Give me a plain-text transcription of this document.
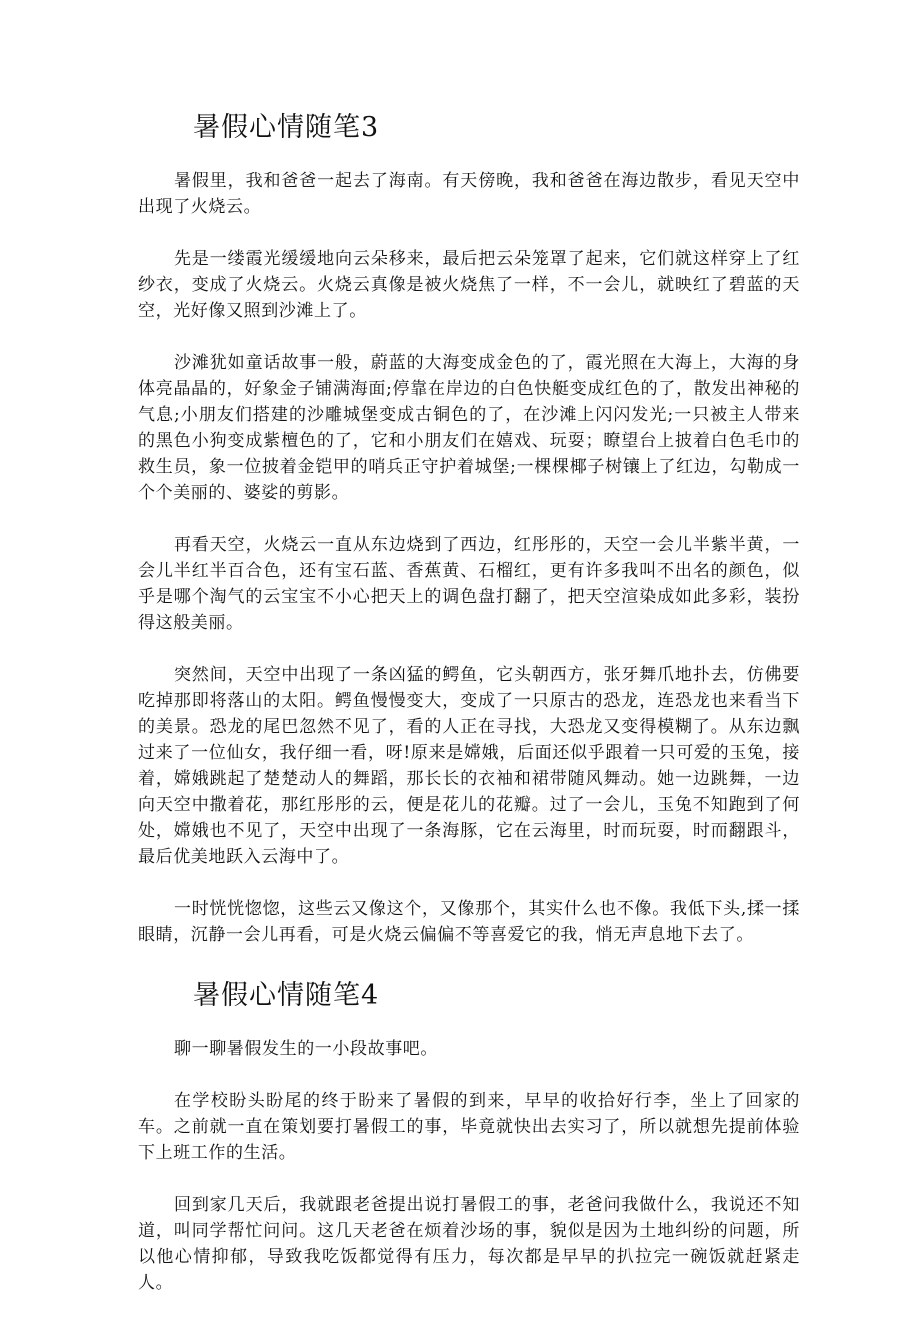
暑假心情随笔3

暑假里，我和爸爸一起去了海南。有天傍晚，我和爸爸在海边散步，看见天空中出现了火烧云。

先是一缕霞光缓缓地向云朵移来，最后把云朵笼罩了起来，它们就这样穿上了红纱衣，变成了火烧云。火烧云真像是被火烧焦了一样，不一会儿，就映红了碧蓝的天空，光好像又照到沙滩上了。

沙滩犹如童话故事一般，蔚蓝的大海变成金色的了，霞光照在大海上，大海的身体亮晶晶的，好象金子铺满海面;停靠在岸边的白色快艇变成红色的了，散发出神秘的气息;小朋友们搭建的沙雕城堡变成古铜色的了，在沙滩上闪闪发光;一只被主人带来的黑色小狗变成紫檀色的了，它和小朋友们在嬉戏、玩耍；瞭望台上披着白色毛巾的救生员，象一位披着金铠甲的哨兵正守护着城堡;一棵棵椰子树镶上了红边，勾勒成一个个美丽的、婆娑的剪影。

再看天空，火烧云一直从东边烧到了西边，红彤彤的，天空一会儿半紫半黄，一会儿半红半百合色，还有宝石蓝、香蕉黄、石榴红，更有许多我叫不出名的颜色，似乎是哪个淘气的云宝宝不小心把天上的调色盘打翻了，把天空渲染成如此多彩，装扮得这般美丽。

突然间，天空中出现了一条凶猛的鳄鱼，它头朝西方，张牙舞爪地扑去，仿佛要吃掉那即将落山的太阳。鳄鱼慢慢变大，变成了一只原古的恐龙，连恐龙也来看当下的美景。恐龙的尾巴忽然不见了，看的人正在寻找，大恐龙又变得模糊了。从东边飘过来了一位仙女，我仔细一看，呀!原来是嫦娥，后面还似乎跟着一只可爱的玉兔，接着，嫦娥跳起了楚楚动人的舞蹈，那长长的衣袖和裙带随风舞动。她一边跳舞，一边向天空中撒着花，那红彤彤的云，便是花儿的花瓣。过了一会儿，玉兔不知跑到了何处，嫦娥也不见了，天空中出现了一条海豚，它在云海里，时而玩耍，时而翻跟斗，最后优美地跃入云海中了。

一时恍恍惚惚，这些云又像这个，又像那个，其实什么也不像。我低下头,揉一揉眼睛，沉静一会儿再看，可是火烧云偏偏不等喜爱它的我，悄无声息地下去了。

暑假心情随笔4

聊一聊暑假发生的一小段故事吧。

在学校盼头盼尾的终于盼来了暑假的到来，早早的收拾好行李，坐上了回家的车。之前就一直在策划要打暑假工的事，毕竟就快出去实习了，所以就想先提前体验下上班工作的生活。

回到家几天后，我就跟老爸提出说打暑假工的事，老爸问我做什么，我说还不知道，叫同学帮忙问问。这几天老爸在烦着沙场的事，貌似是因为土地纠纷的问题，所以他心情抑郁，导致我吃饭都觉得有压力，每次都是早早的扒拉完一碗饭就赶紧走人。
